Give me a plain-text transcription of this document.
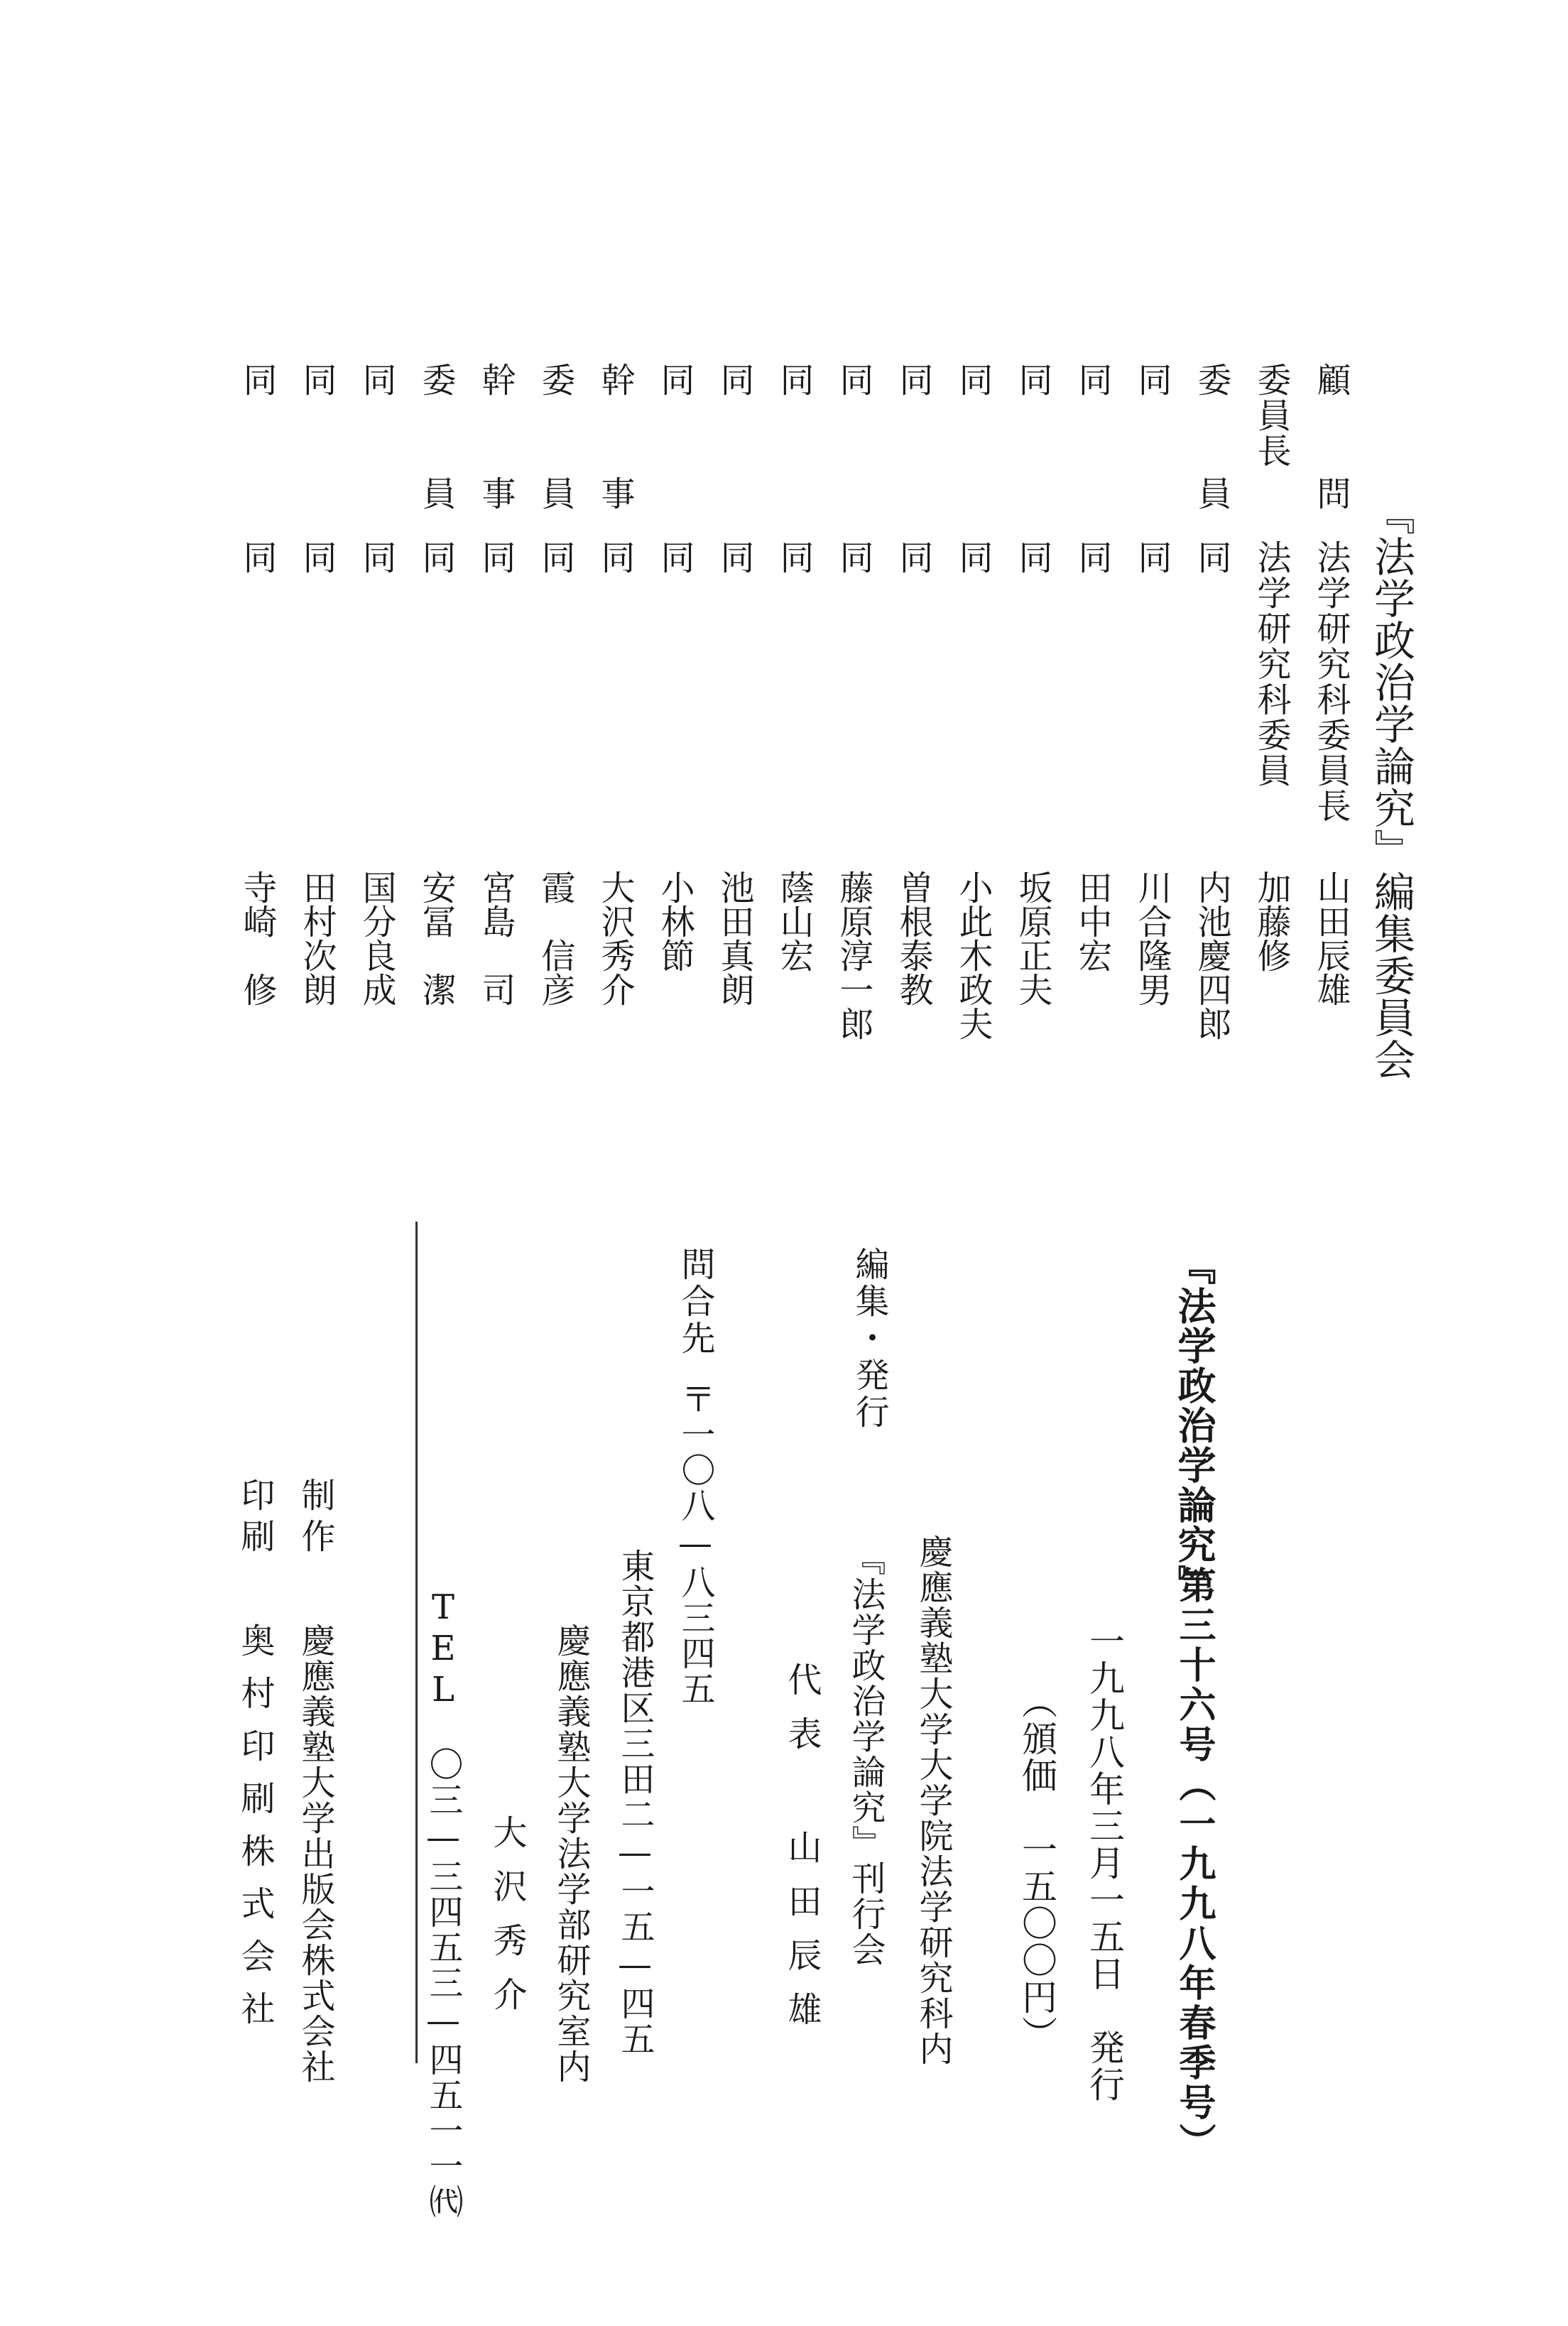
『法学政治学論究』編集委員会
顧　問
法学研究科委員長
山田辰雄
委員長
法学研究科委員
加藤修
委　員
同
内池慶四郎
同
同
川合隆男
同
同
田中宏
同
同
坂原正夫
同
同
小此木政夫
同
同
曽根泰教
同
同
藤原淳一郎
同
同
蔭山宏
同
同
池田真朗
同
同
小林節
幹　事
同
大沢秀介
委　員
同
霞　信彦
幹　事
同
宮島　司
委　員
同
安冨　潔
同
同
国分良成
同
同
田村次朗
同
同
寺崎　修
『法学政治学論究』
第三十六号（一九九八年春季号）
一九九八年三月一五日　発行
（頒価　一五〇〇円）
編集・発行
慶應義塾大学大学院法学研究科内
『法学政治学論究』刊行会
代表 山田辰雄
問合先
〒一〇八—八三四五
東京都港区三田二—一五—四五
慶應義塾大学法学部研究室内
大沢秀介
TEL　〇三—三四五三—四五一一㈹
制作
慶應義塾大学出版会株式会社
印刷
奥村印刷株式会社
